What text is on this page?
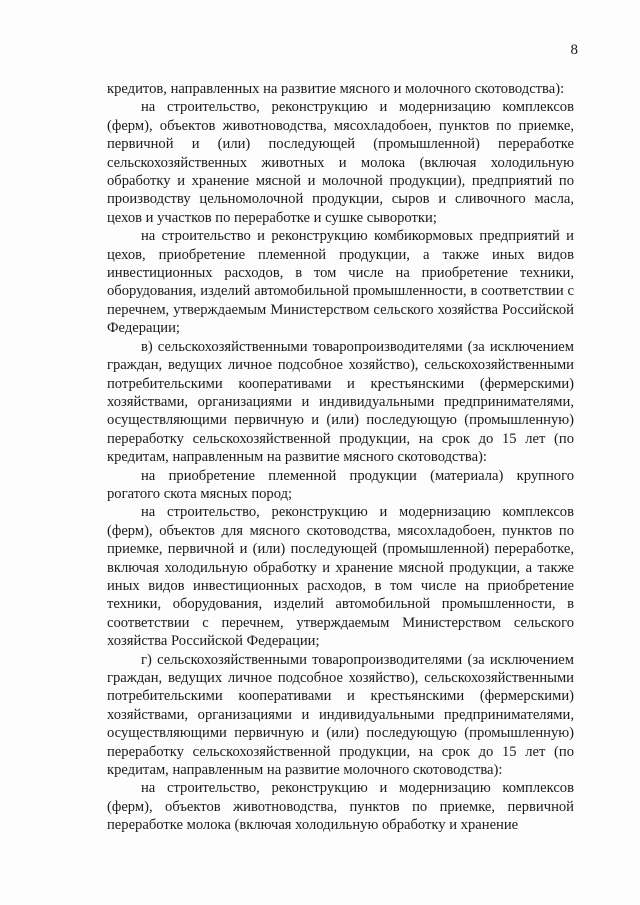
8

кредитов, направленных на развитие мясного и молочного скотоводства):

на строительство, реконструкцию и модернизацию комплексов (ферм), объектов животноводства, мясохладобоен, пунктов по приемке, первичной и (или) последующей (промышленной) переработке сельскохозяйственных животных и молока (включая холодильную обработку и хранение мясной и молочной продукции), предприятий по производству цельномолочной продукции, сыров и сливочного масла, цехов и участков по переработке и сушке сыворотки;

на строительство и реконструкцию комбикормовых предприятий и цехов, приобретение племенной продукции, а также иных видов инвестиционных расходов, в том числе на приобретение техники, оборудования, изделий автомобильной промышленности, в соответствии с перечнем, утверждаемым Министерством сельского хозяйства Российской Федерации;

в) сельскохозяйственными товаропроизводителями (за исключением граждан, ведущих личное подсобное хозяйство), сельскохозяйственными потребительскими кооперативами и крестьянскими (фермерскими) хозяйствами, организациями и индивидуальными предпринимателями, осуществляющими первичную и (или) последующую (промышленную) переработку сельскохозяйственной продукции, на срок до 15 лет (по кредитам, направленным на развитие мясного скотоводства):

на приобретение племенной продукции (материала) крупного рогатого скота мясных пород;

на строительство, реконструкцию и модернизацию комплексов (ферм), объектов для мясного скотоводства, мясохладобоен, пунктов по приемке, первичной и (или) последующей (промышленной) переработке, включая холодильную обработку и хранение мясной продукции, а также иных видов инвестиционных расходов, в том числе на приобретение техники, оборудования, изделий автомобильной промышленности, в соответствии с перечнем, утверждаемым Министерством сельского хозяйства Российской Федерации;

г) сельскохозяйственными товаропроизводителями (за исключением граждан, ведущих личное подсобное хозяйство), сельскохозяйственными потребительскими кооперативами и крестьянскими (фермерскими) хозяйствами, организациями и индивидуальными предпринимателями, осуществляющими первичную и (или) последующую (промышленную) переработку сельскохозяйственной продукции, на срок до 15 лет (по кредитам, направленным на развитие молочного скотоводства):

на строительство, реконструкцию и модернизацию комплексов (ферм), объектов животноводства, пунктов по приемке, первичной переработке молока (включая холодильную обработку и хранение
